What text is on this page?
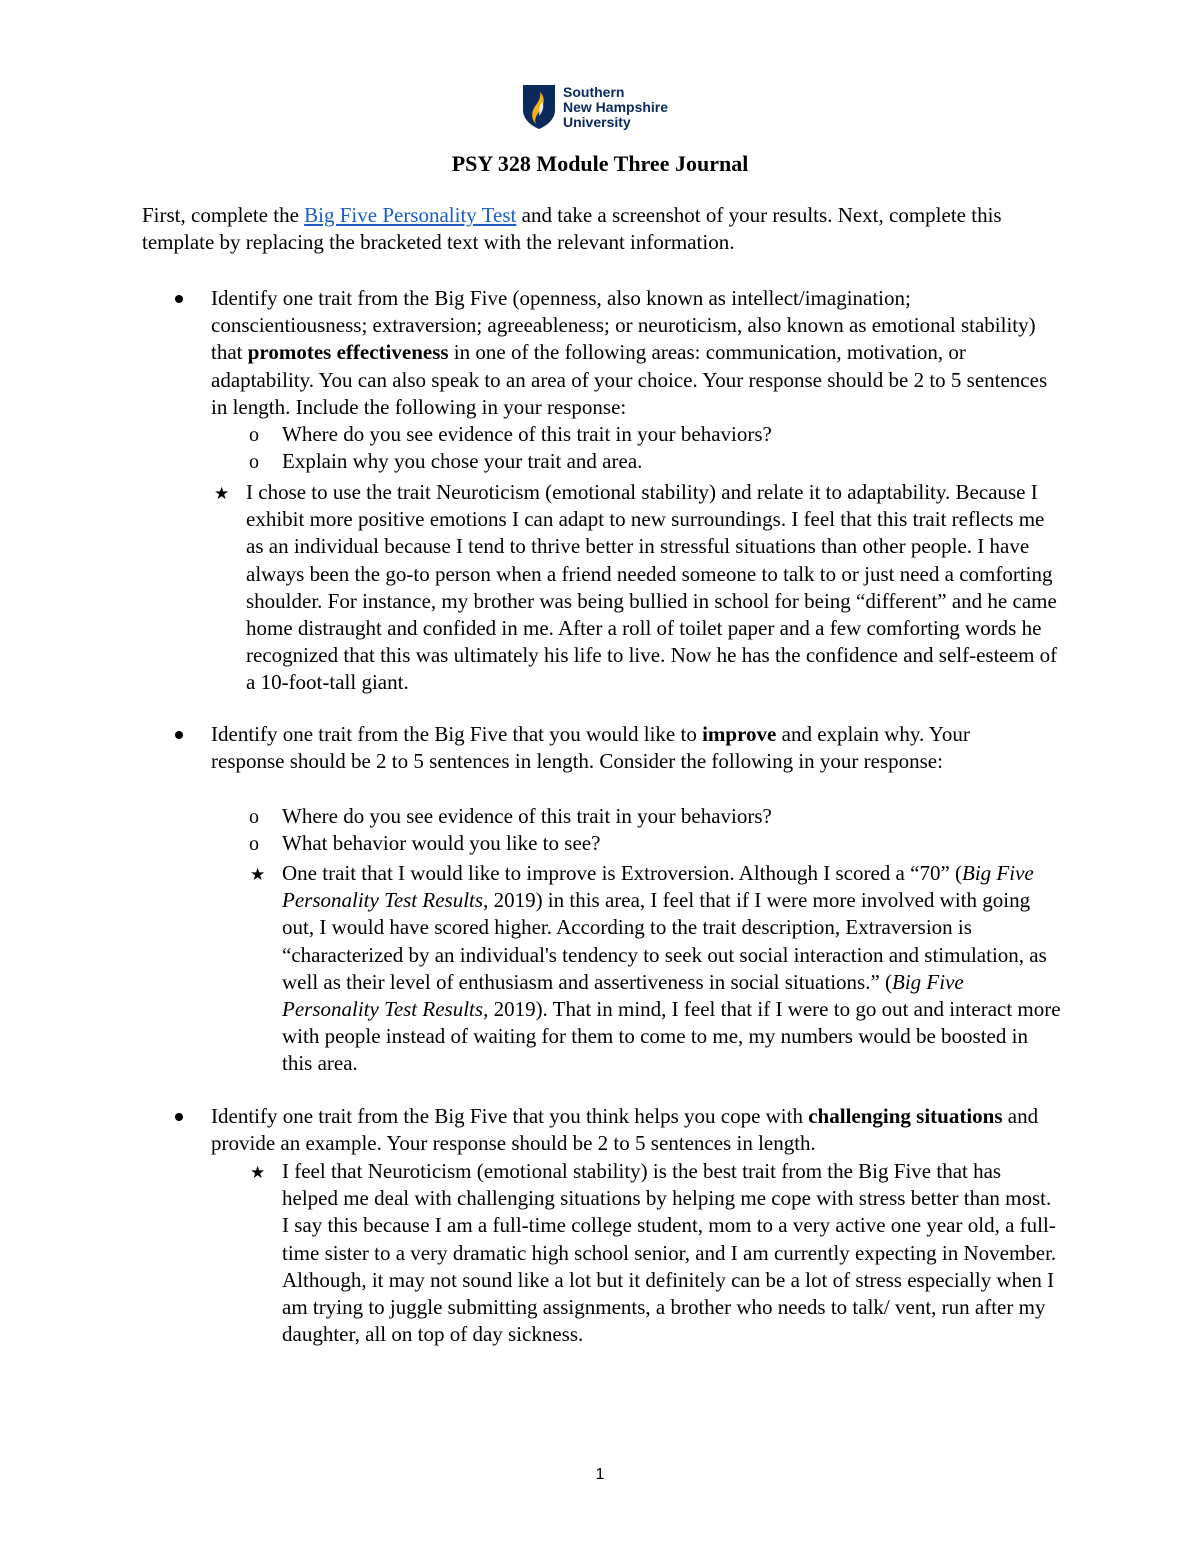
Southern
New Hampshire
University
PSY 328 Module Three Journal
First, complete the Big Five Personality Test and take a screenshot of your results. Next, complete this template by replacing the bracketed text with the relevant information.
Identify one trait from the Big Five (openness, also known as intellect/imagination; conscientiousness; extraversion; agreeableness; or neuroticism, also known as emotional stability) that promotes effectiveness in one of the following areas: communication, motivation, or adaptability. You can also speak to an area of your choice. Your response should be 2 to 5 sentences in length. Include the following in your response:
o Where do you see evidence of this trait in your behaviors?
o Explain why you chose your trait and area.
★ I chose to use the trait Neuroticism (emotional stability) and relate it to adaptability. Because I exhibit more positive emotions I can adapt to new surroundings. I feel that this trait reflects me as an individual because I tend to thrive better in stressful situations than other people. I have always been the go-to person when a friend needed someone to talk to or just need a comforting shoulder. For instance, my brother was being bullied in school for being “different” and he came home distraught and confided in me. After a roll of toilet paper and a few comforting words he recognized that this was ultimately his life to live. Now he has the confidence and self-esteem of a 10-foot-tall giant.
Identify one trait from the Big Five that you would like to improve and explain why. Your response should be 2 to 5 sentences in length. Consider the following in your response:
o Where do you see evidence of this trait in your behaviors?
o What behavior would you like to see?
★ One trait that I would like to improve is Extroversion. Although I scored a “70” (Big Five Personality Test Results, 2019) in this area, I feel that if I were more involved with going out, I would have scored higher. According to the trait description, Extraversion is “characterized by an individual's tendency to seek out social interaction and stimulation, as well as their level of enthusiasm and assertiveness in social situations.” (Big Five Personality Test Results, 2019). That in mind, I feel that if I were to go out and interact more with people instead of waiting for them to come to me, my numbers would be boosted in this area.
Identify one trait from the Big Five that you think helps you cope with challenging situations and provide an example. Your response should be 2 to 5 sentences in length.
★ I feel that Neuroticism (emotional stability) is the best trait from the Big Five that has helped me deal with challenging situations by helping me cope with stress better than most. I say this because I am a full-time college student, mom to a very active one year old, a full-time sister to a very dramatic high school senior, and I am currently expecting in November. Although, it may not sound like a lot but it definitely can be a lot of stress especially when I am trying to juggle submitting assignments, a brother who needs to talk/ vent, run after my daughter, all on top of day sickness.
1
